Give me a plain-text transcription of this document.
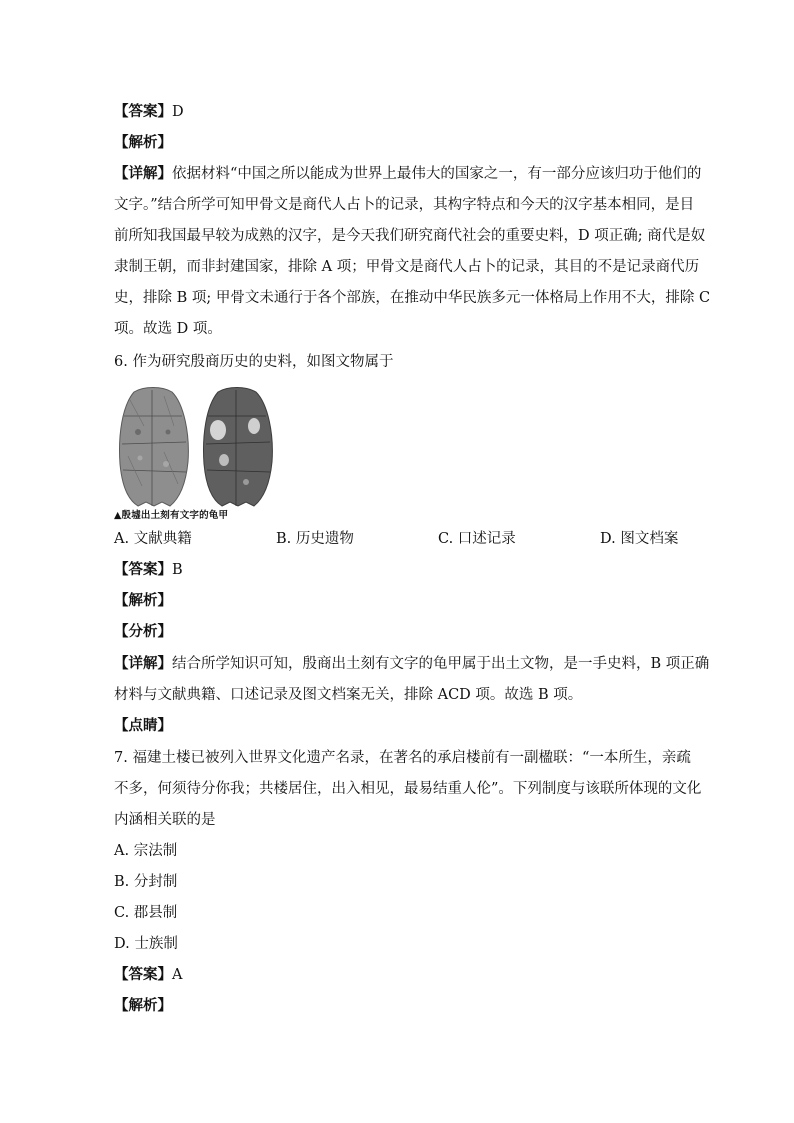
【答案】D
【解析】
【详解】依据材料“中国之所以能成为世界上最伟大的国家之一，有一部分应该归功于他们的
文字。”结合所学可知甲骨文是商代人占卜的记录，其构字特点和今天的汉字基本相同，是目
前所知我国最早较为成熟的汉字，是今天我们研究商代社会的重要史料，D 项正确; 商代是奴
隶制王朝，而非封建国家，排除 A 项；甲骨文是商代人占卜的记录，其目的不是记录商代历
史，排除 B 项; 甲骨文未通行于各个部族，在推动中华民族多元一体格局上作用不大，排除 C
项。故选 D 项。
6. 作为研究殷商历史的史料，如图文物属于
▲殷墟出土刻有文字的龟甲
A. 文献典籍	B. 历史遗物	C. 口述记录	D. 图文档案
【答案】B
【解析】
【分析】
【详解】结合所学知识可知，殷商出土刻有文字的龟甲属于出土文物，是一手史料，B 项正确
材料与文献典籍、口述记录及图文档案无关，排除 ACD 项。故选 B 项。
【点睛】
7. 福建土楼已被列入世界文化遗产名录，在著名的承启楼前有一副楹联：“一本所生，亲疏
不多，何须待分你我；共楼居住，出入相见，最易结重人伦”。下列制度与该联所体现的文化
内涵相关联的是
A. 宗法制
B. 分封制
C. 郡县制
D. 士族制
【答案】A
【解析】
